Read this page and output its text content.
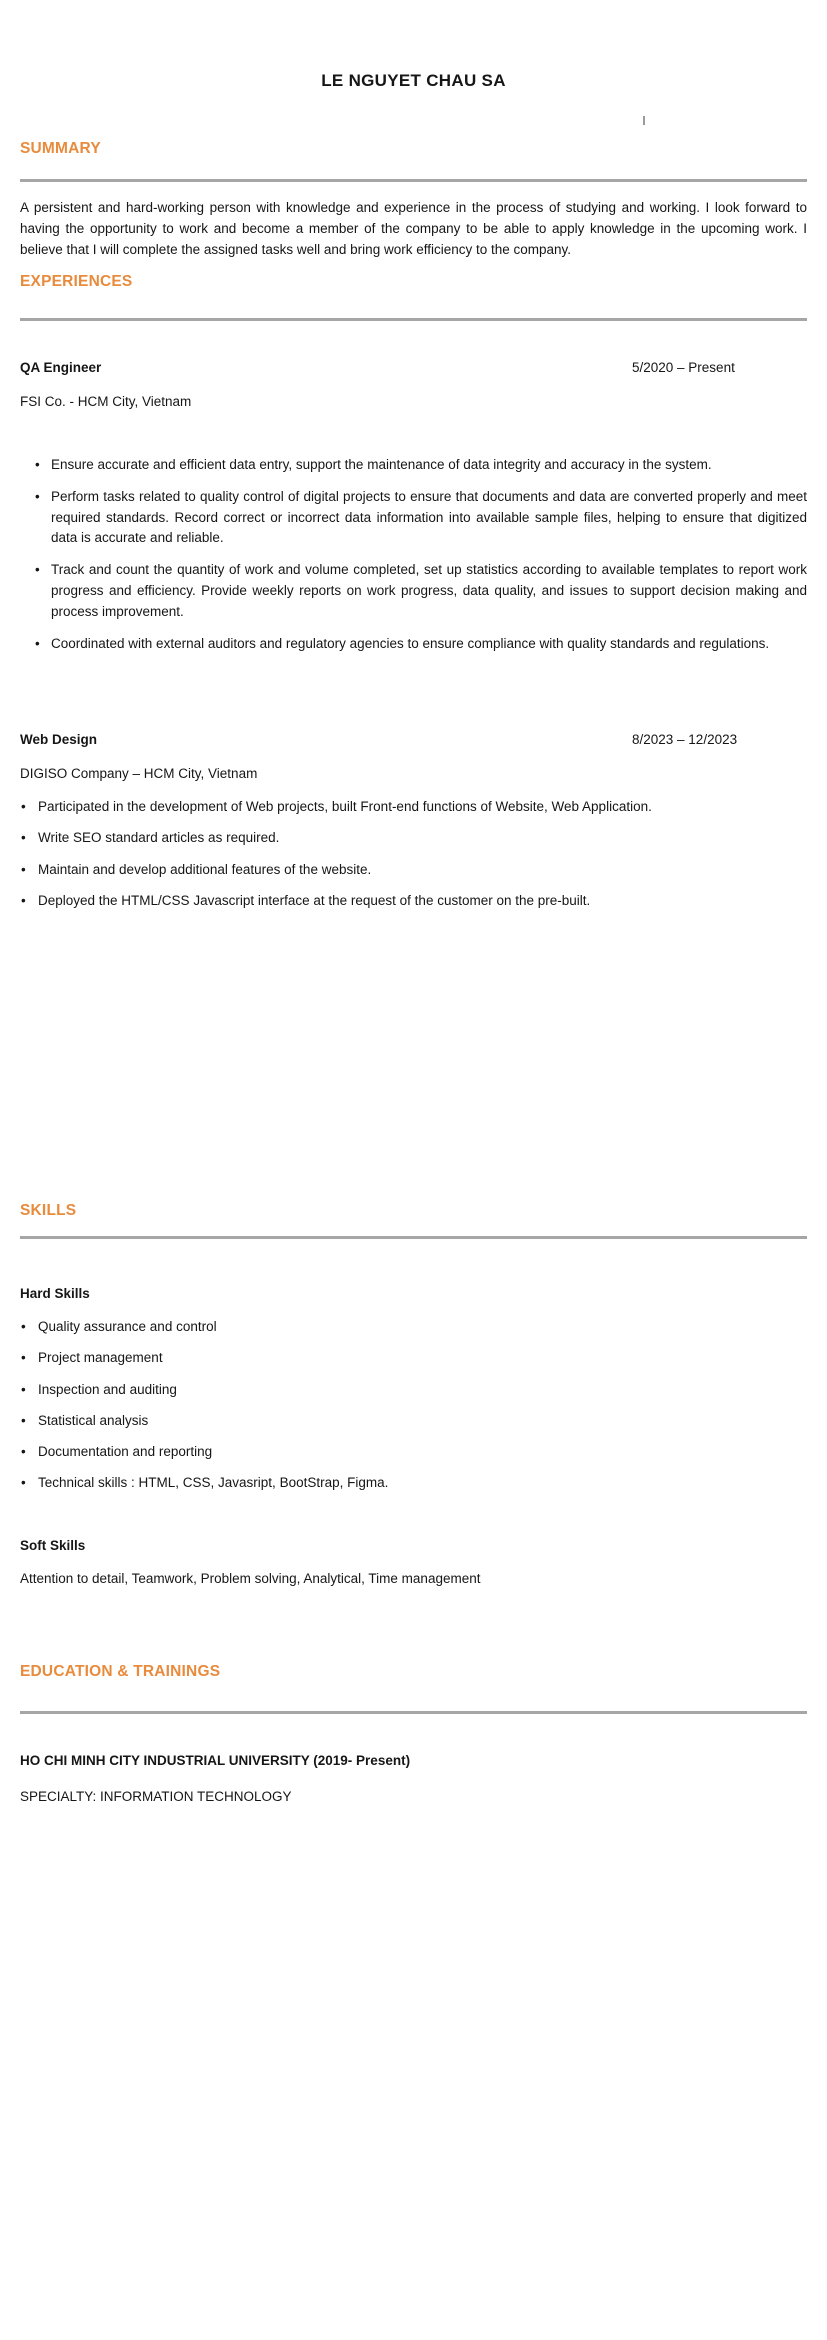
LE NGUYET CHAU SA
SUMMARY
A persistent and hard-working person with knowledge and experience in the process of studying and working. I look forward to having the opportunity to work and become a member of the company to be able to apply knowledge in the upcoming work. I believe that I will complete the assigned tasks well and bring work efficiency to the company.
EXPERIENCES
QA Engineer	5/2020 – Present
FSI Co. - HCM City, Vietnam
• Ensure accurate and efficient data entry, support the maintenance of data integrity and accuracy in the system.
• Perform tasks related to quality control of digital projects to ensure that documents and data are converted properly and meet required standards. Record correct or incorrect data information into available sample files, helping to ensure that digitized data is accurate and reliable.
• Track and count the quantity of work and volume completed, set up statistics according to available templates to report work progress and efficiency. Provide weekly reports on work progress, data quality, and issues to support decision making and process improvement.
• Coordinated with external auditors and regulatory agencies to ensure compliance with quality standards and regulations.
Web Design	8/2023 – 12/2023
DIGISO Company – HCM City, Vietnam
• Participated in the development of Web projects, built Front-end functions of Website, Web Application.
• Write SEO standard articles as required.
• Maintain and develop additional features of the website.
• Deployed the HTML/CSS Javascript interface at the request of the customer on the pre-built.
SKILLS
Hard Skills
• Quality assurance and control
• Project management
• Inspection and auditing
• Statistical analysis
• Documentation and reporting
• Technical skills : HTML, CSS, Javasript, BootStrap, Figma.
Soft Skills
Attention to detail, Teamwork, Problem solving, Analytical, Time management
EDUCATION & TRAININGS
HO CHI MINH CITY INDUSTRIAL UNIVERSITY (2019- Present)
SPECIALTY: INFORMATION TECHNOLOGY
